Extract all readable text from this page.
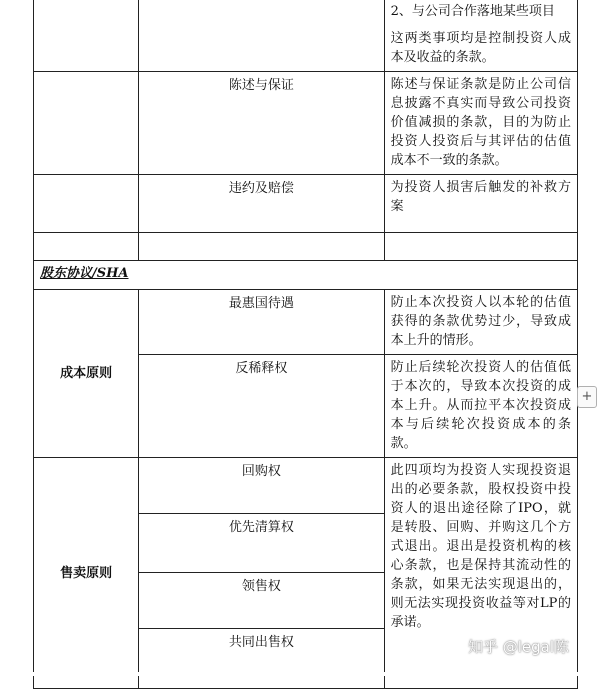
		2、与公司合作落地某些项目

这两类事项均是控制投资人成本及收益的条款。

	陈述与保证	陈述与保证条款是防止公司信息披露不真实而导致公司投资价值减损的条款，目的为防止投资人投资后与其评估的估值成本不一致的条款。
	违约及赔偿	为投资人损害后触发的补救方案

股东协议/SHA		
成本原则	最惠国待遇	防止本次投资人以本轮的估值获得的条款优势过少，导致成本上升的情形。
	反稀释权	防止后续轮次投资人的估值低于本次的，导致本次投资的成本上升。从而拉平本次投资成本与后续轮次投资成本的条款。
售卖原则	回购权	此四项均为投资人实现投资退出的必要条款，股权投资中投资人的退出途径除了IPO，就是转股、回购、并购这几个方式退出。退出是投资机构的核心条款，也是保持其流动性的条款，如果无法实现退出的，则无法实现投资收益等对LP的承诺。
	优先清算权	
	领售权	
	共同出售权	
+
知乎 @legal陈
